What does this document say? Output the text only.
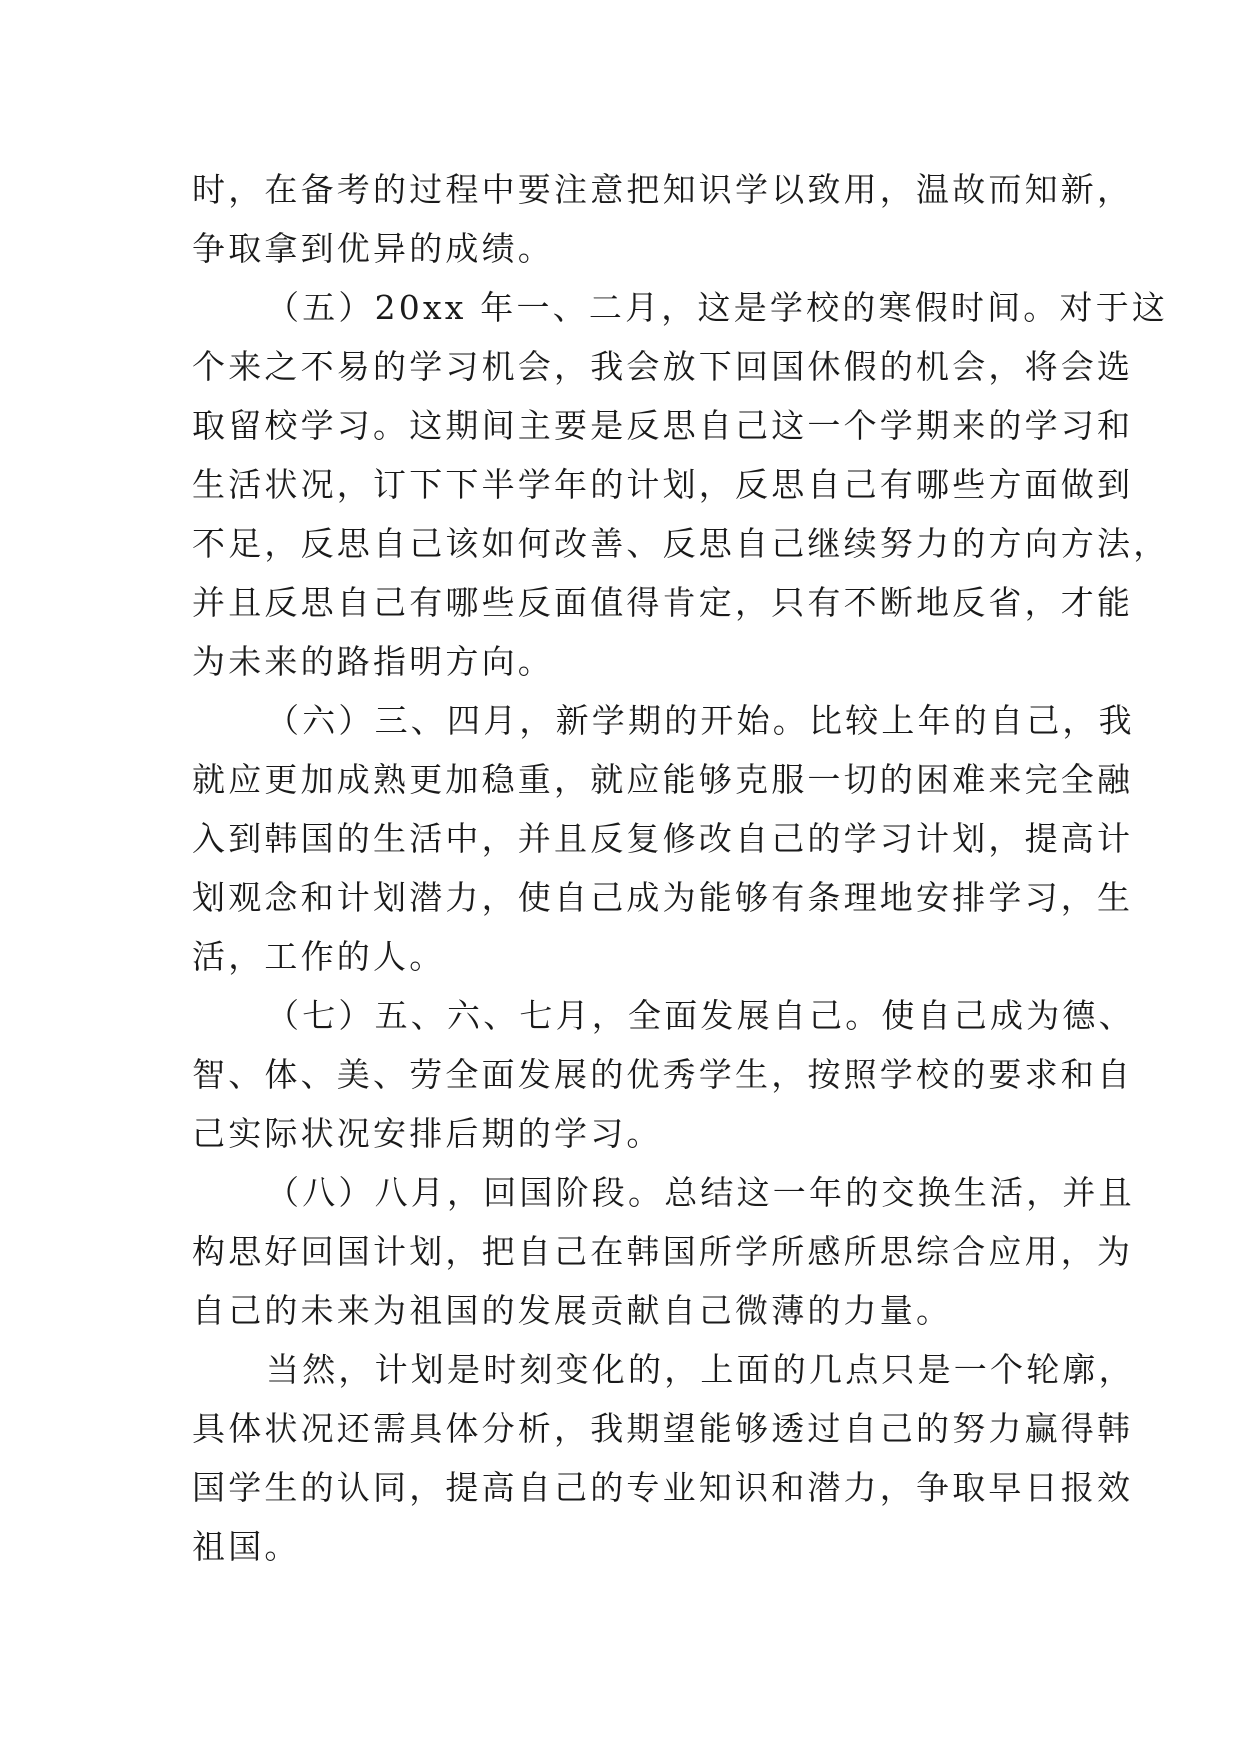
时，在备考的过程中要注意把知识学以致用，温故而知新，
争取拿到优异的成绩。
（五）20xx 年一、二月，这是学校的寒假时间。对于这
个来之不易的学习机会，我会放下回国休假的机会，将会选
取留校学习。这期间主要是反思自己这一个学期来的学习和
生活状况，订下下半学年的计划，反思自己有哪些方面做到
不足，反思自己该如何改善、反思自己继续努力的方向方法，
并且反思自己有哪些反面值得肯定，只有不断地反省，才能
为未来的路指明方向。
（六）三、四月，新学期的开始。比较上年的自己，我
就应更加成熟更加稳重，就应能够克服一切的困难来完全融
入到韩国的生活中，并且反复修改自己的学习计划，提高计
划观念和计划潜力，使自己成为能够有条理地安排学习，生
活，工作的人。
（七）五、六、七月，全面发展自己。使自己成为德、
智、体、美、劳全面发展的优秀学生，按照学校的要求和自
己实际状况安排后期的学习。
（八）八月，回国阶段。总结这一年的交换生活，并且
构思好回国计划，把自己在韩国所学所感所思综合应用，为
自己的未来为祖国的发展贡献自己微薄的力量。
当然，计划是时刻变化的，上面的几点只是一个轮廓，
具体状况还需具体分析，我期望能够透过自己的努力赢得韩
国学生的认同，提高自己的专业知识和潜力，争取早日报效
祖国。
